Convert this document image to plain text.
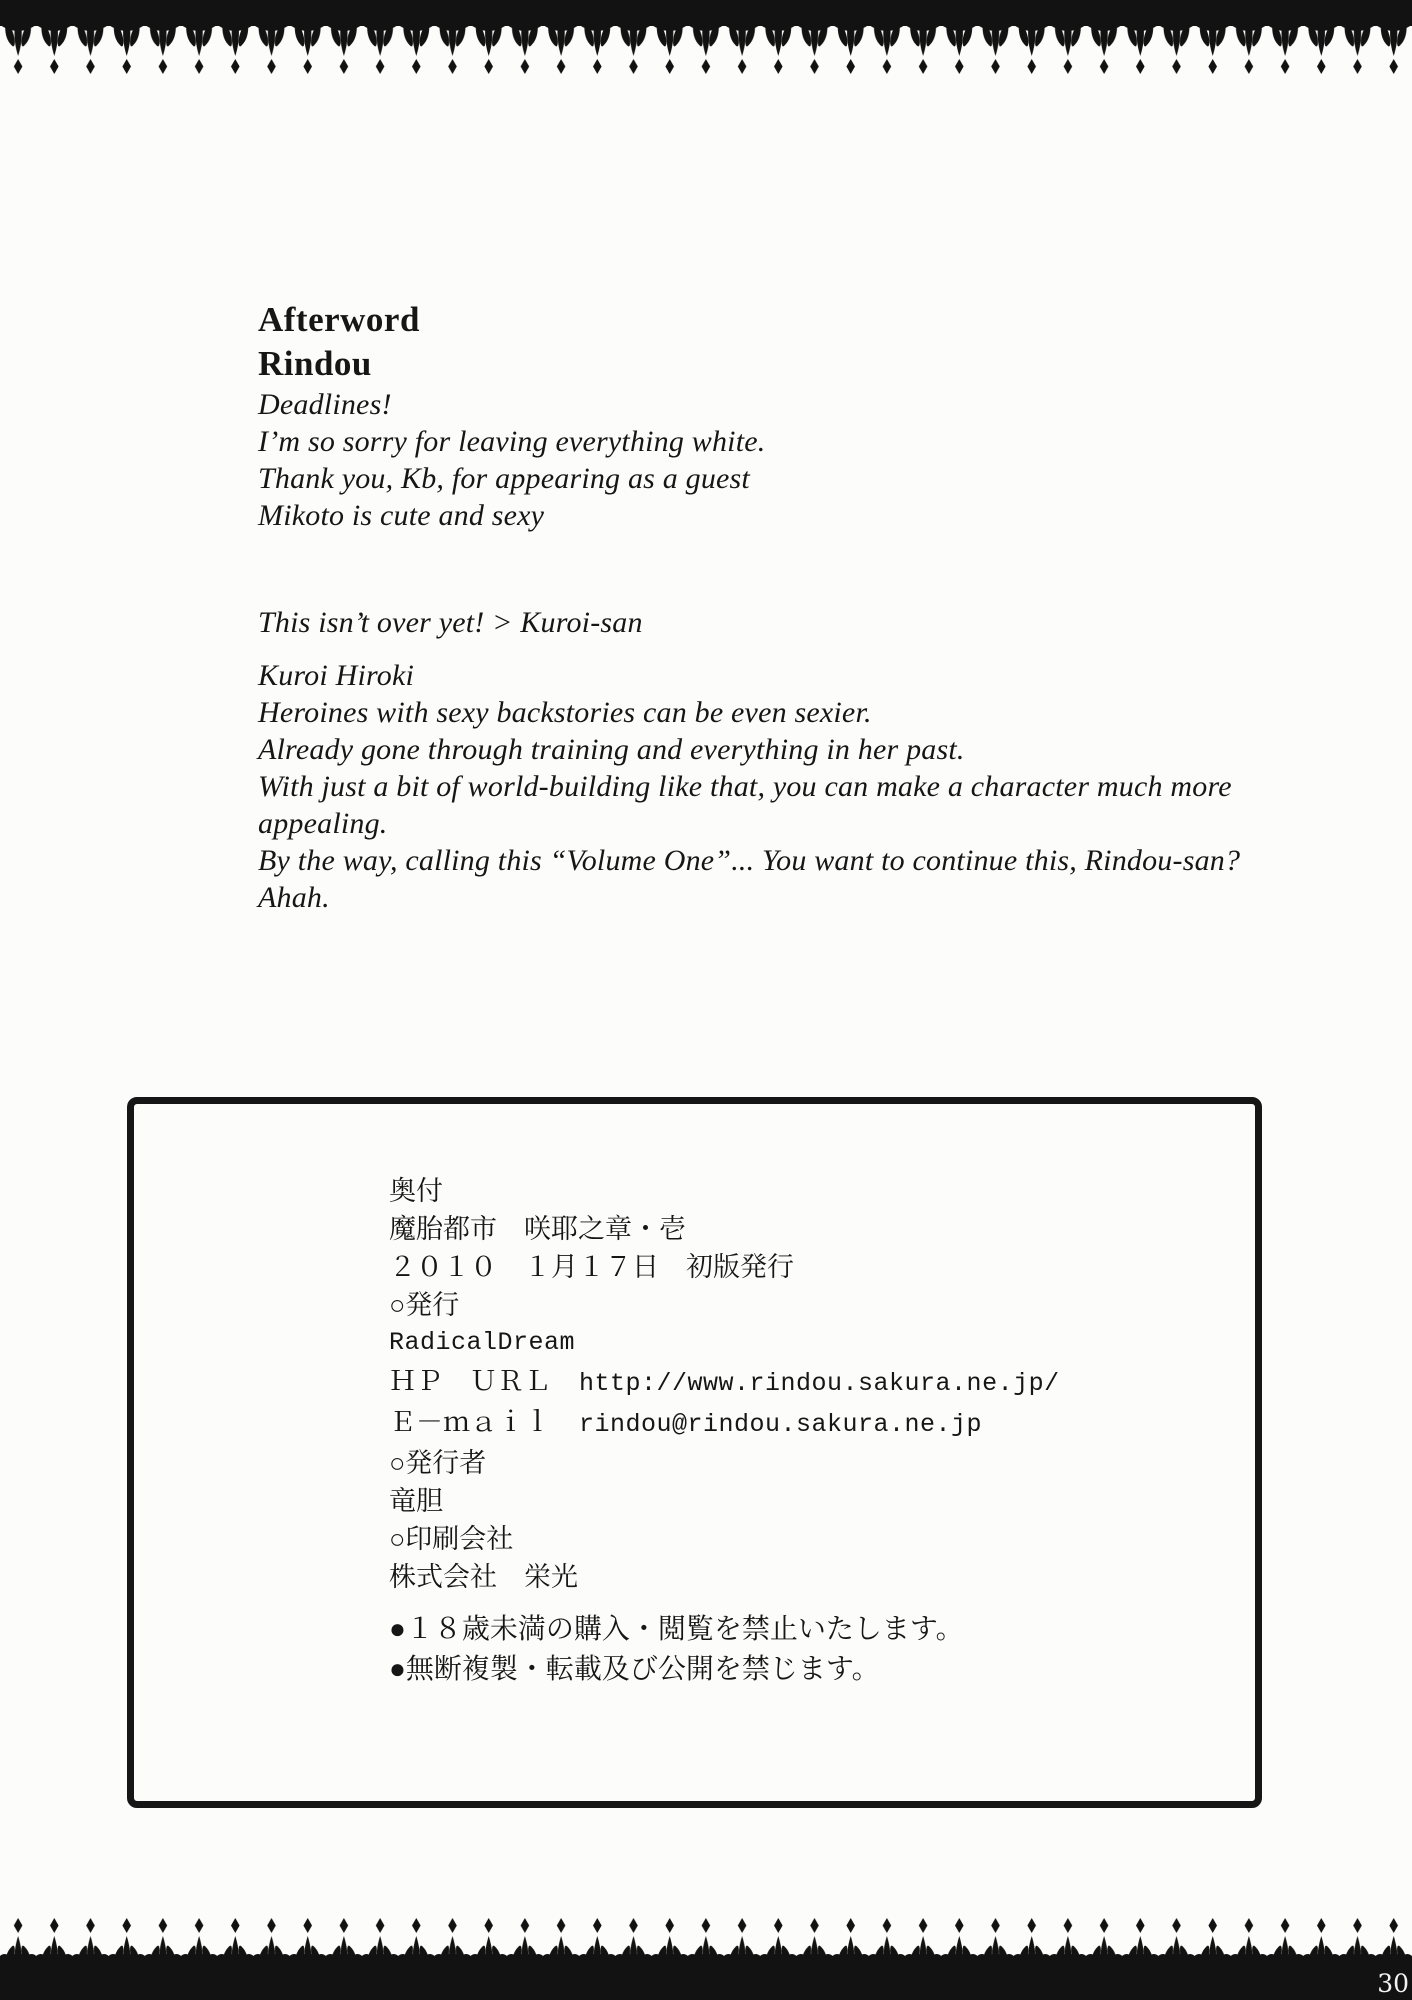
Afterword
Rindou

Deadlines!

I’m so sorry for leaving everything white.

Thank you, Kb, for appearing as a guest

Mikoto is cute and sexy

This isn’t over yet! > Kuroi-san

Kuroi Hiroki

Heroines with sexy backstories can be even sexier.

Already gone through training and everything in her past.

With just a bit of world-building like that, you can make a character much more

appealing.

By the way, calling this “Volume One”... You want to continue this, Rindou-san?

Ahah.

奥付

魔胎都市　咲耶之章・壱

２０１０　１月１７日　初版発行

○発行

RadicalDream

ＨＰ　ＵＲＬ http://www.rindou.sakura.ne.jp/

Ｅ－ｍａｉｌ rindou@rindou.sakura.ne.jp

○発行者

竜胆

○印刷会社

株式会社　栄光

●１８歳未満の購入・閲覧を禁止いたします。

●無断複製・転載及び公開を禁じます。

30
